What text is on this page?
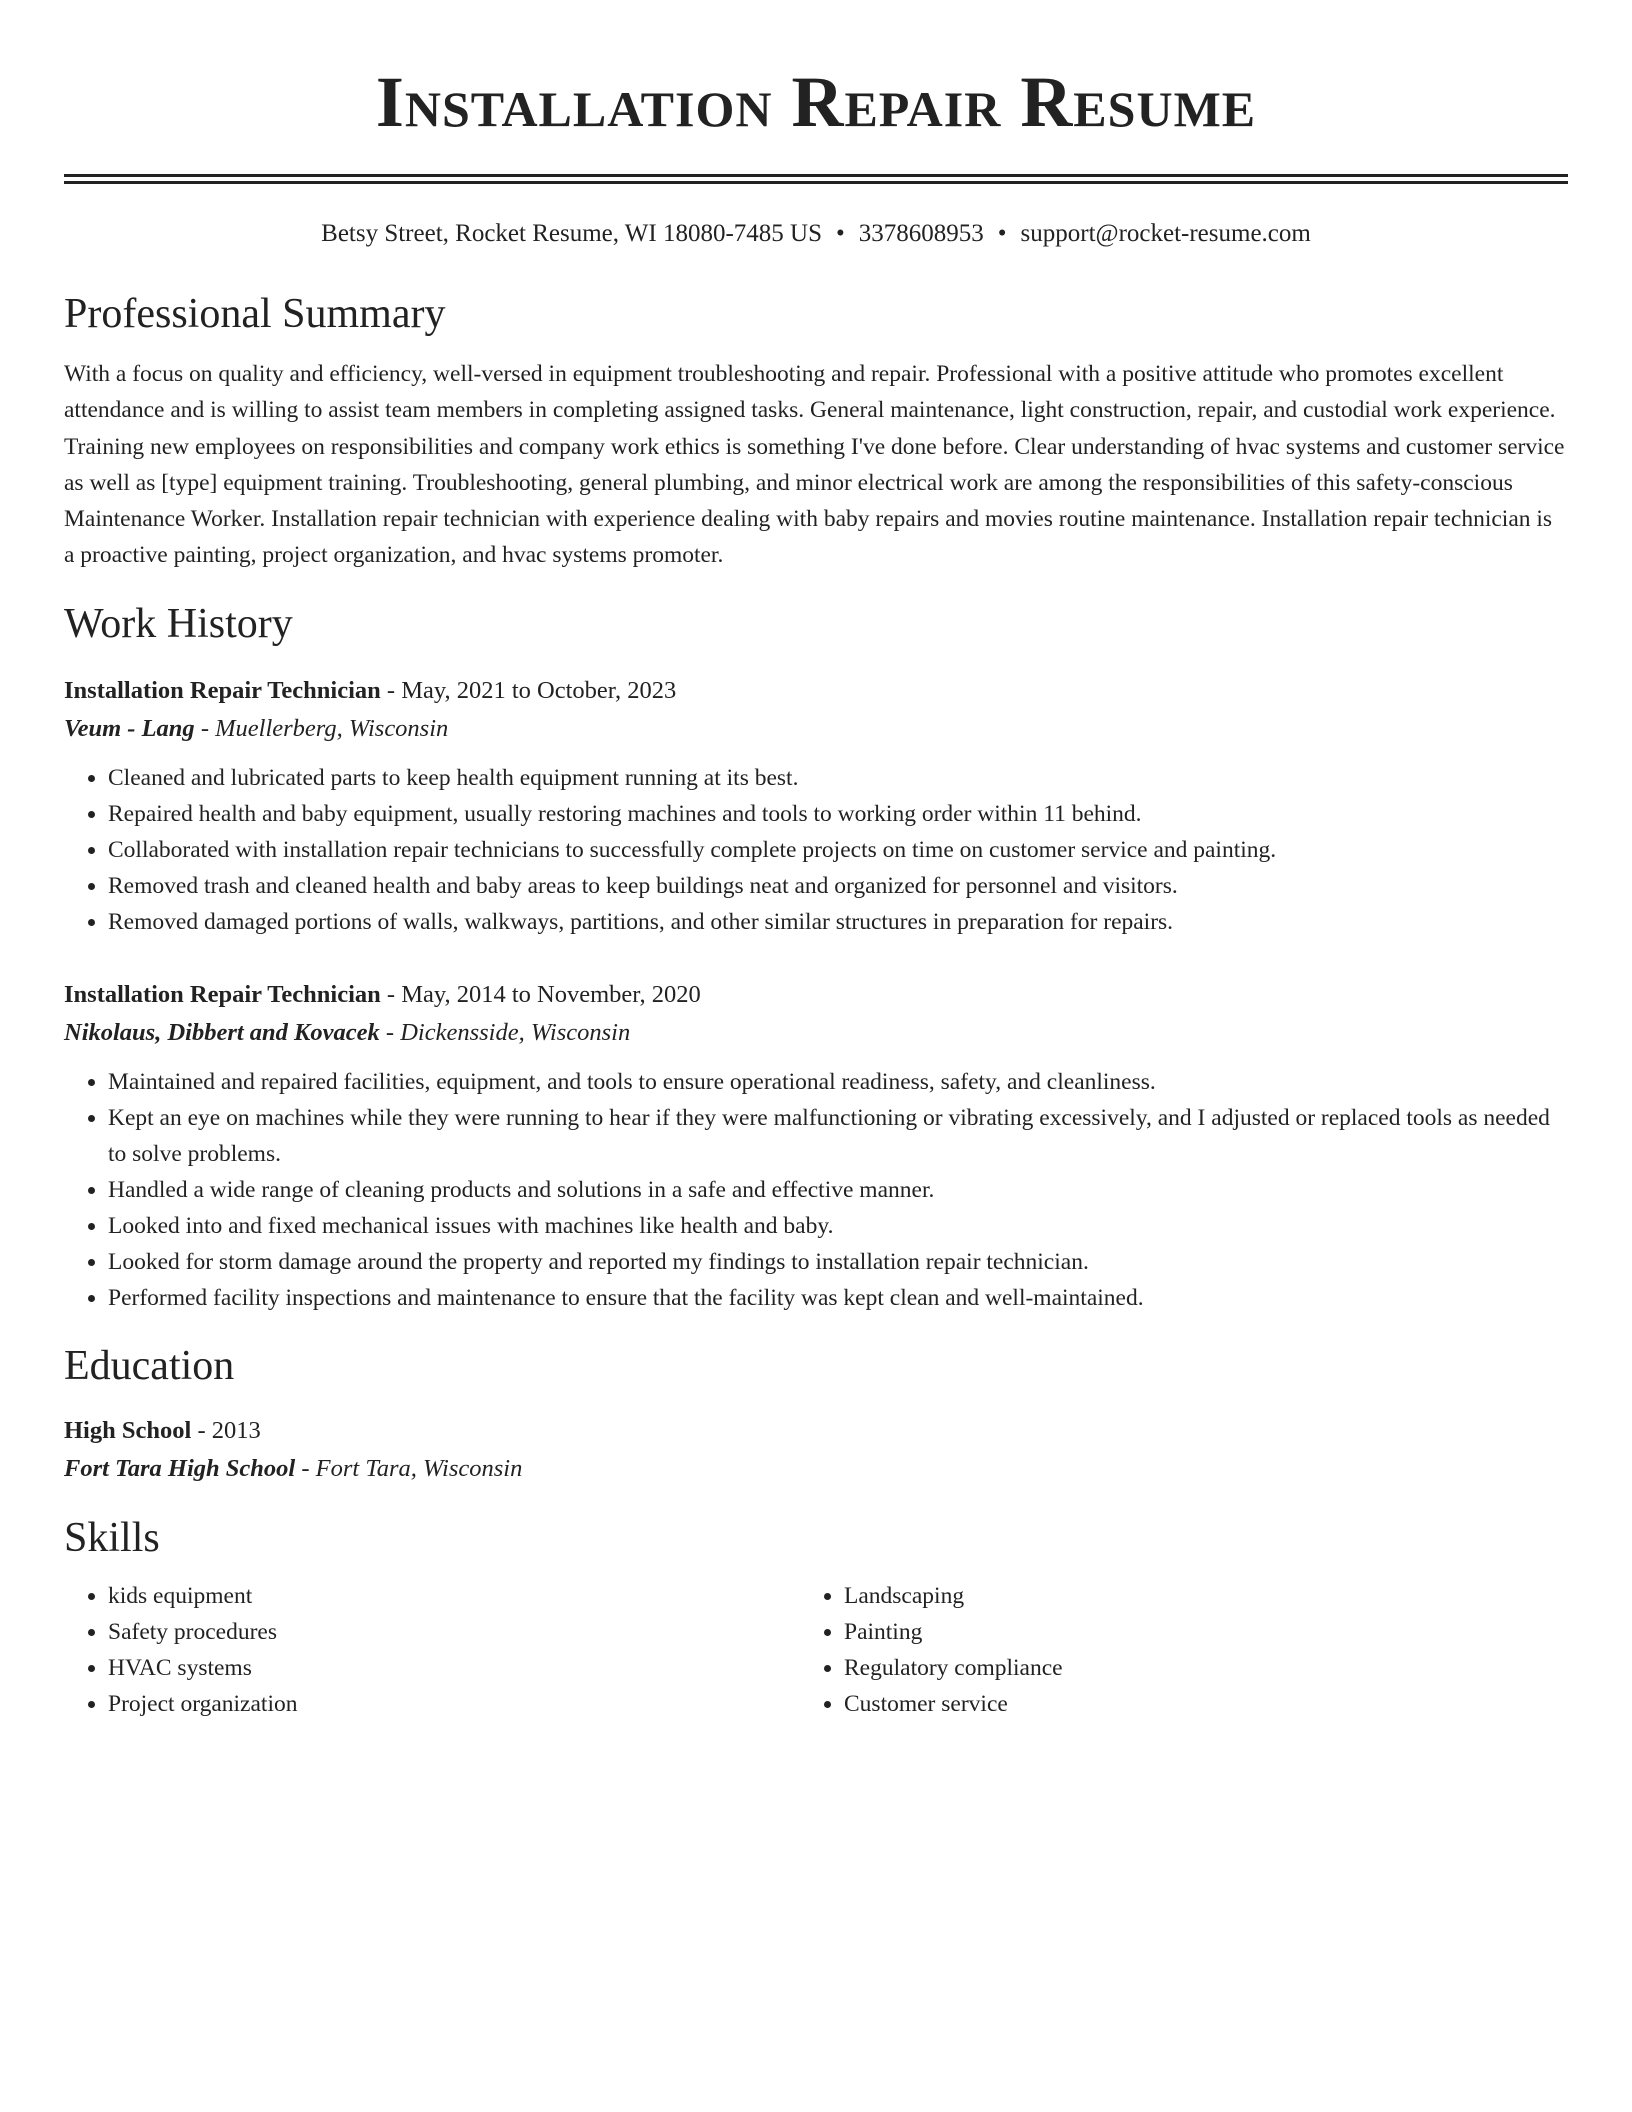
Installation Repair Resume
Betsy Street, Rocket Resume, WI 18080-7485 US • 3378608953 • support@rocket-resume.com
Professional Summary
With a focus on quality and efficiency, well-versed in equipment troubleshooting and repair. Professional with a positive attitude who promotes excellent attendance and is willing to assist team members in completing assigned tasks. General maintenance, light construction, repair, and custodial work experience. Training new employees on responsibilities and company work ethics is something I've done before. Clear understanding of hvac systems and customer service as well as [type] equipment training. Troubleshooting, general plumbing, and minor electrical work are among the responsibilities of this safety-conscious Maintenance Worker. Installation repair technician with experience dealing with baby repairs and movies routine maintenance. Installation repair technician is a proactive painting, project organization, and hvac systems promoter.
Work History
Installation Repair Technician - May, 2021 to October, 2023
Veum - Lang - Muellerberg, Wisconsin
• Cleaned and lubricated parts to keep health equipment running at its best.
• Repaired health and baby equipment, usually restoring machines and tools to working order within 11 behind.
• Collaborated with installation repair technicians to successfully complete projects on time on customer service and painting.
• Removed trash and cleaned health and baby areas to keep buildings neat and organized for personnel and visitors.
• Removed damaged portions of walls, walkways, partitions, and other similar structures in preparation for repairs.
Installation Repair Technician - May, 2014 to November, 2020
Nikolaus, Dibbert and Kovacek - Dickensside, Wisconsin
• Maintained and repaired facilities, equipment, and tools to ensure operational readiness, safety, and cleanliness.
• Kept an eye on machines while they were running to hear if they were malfunctioning or vibrating excessively, and I adjusted or replaced tools as needed to solve problems.
• Handled a wide range of cleaning products and solutions in a safe and effective manner.
• Looked into and fixed mechanical issues with machines like health and baby.
• Looked for storm damage around the property and reported my findings to installation repair technician.
• Performed facility inspections and maintenance to ensure that the facility was kept clean and well-maintained.
Education
High School - 2013
Fort Tara High School - Fort Tara, Wisconsin
Skills
• kids equipment
• Safety procedures
• HVAC systems
• Project organization
• Landscaping
• Painting
• Regulatory compliance
• Customer service
